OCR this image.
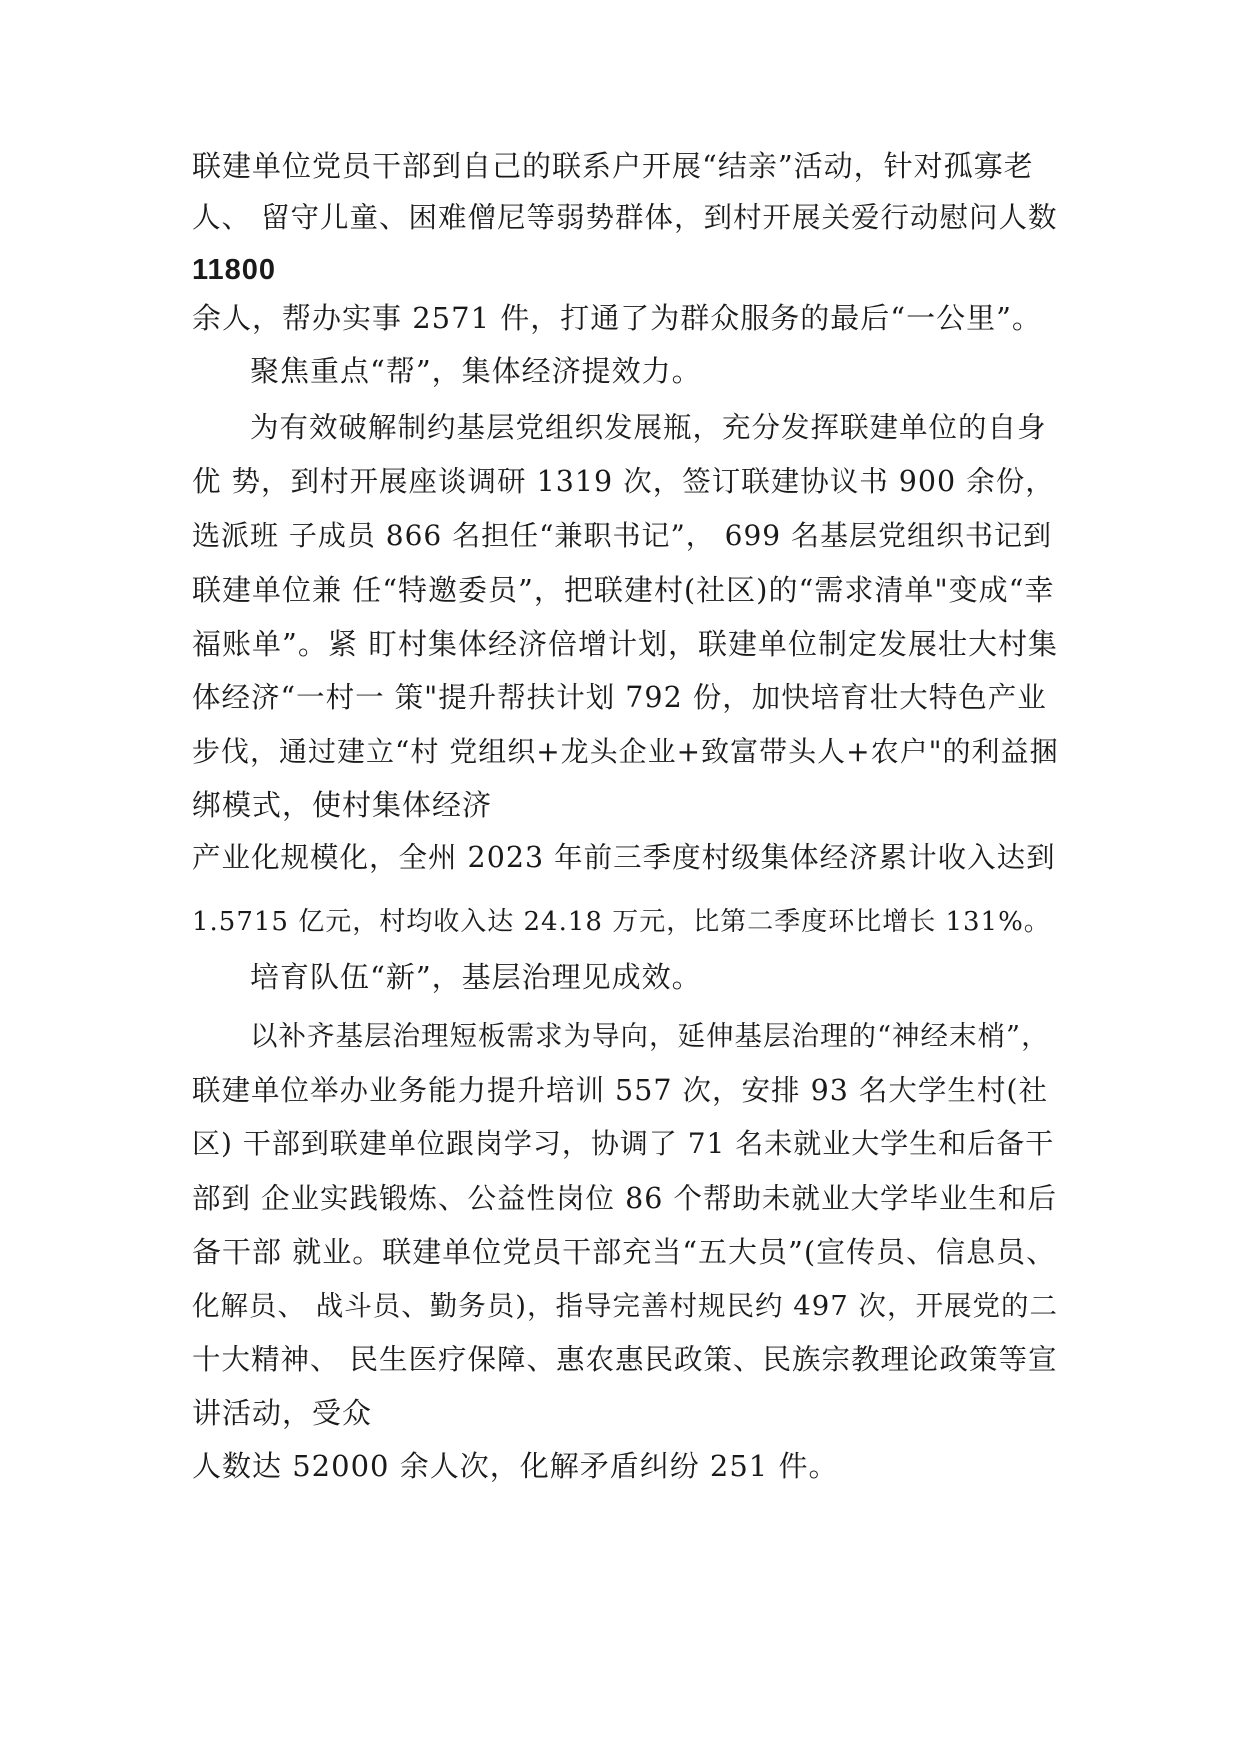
联建单位党员干部到自己的联系户开展“结亲”活动，针对孤寡老
人、 留守儿童、困难僧尼等弱势群体，到村开展关爱行动慰问人数
11800
余人，帮办实事 2571 件，打通了为群众服务的最后“一公里”。
聚焦重点“帮”，集体经济提效力。
为有效破解制约基层党组织发展瓶，充分发挥联建单位的自身
优 势，到村开展座谈调研 1319 次，签订联建协议书 900 余份，
选派班 子成员 866 名担任“兼职书记”， 699 名基层党组织书记到
联建单位兼 任“特邀委员”，把联建村(社区)的“需求清单"变成“幸
福账单”。紧 盯村集体经济倍增计划，联建单位制定发展壮大村集
体经济“一村一 策"提升帮扶计划 792 份，加快培育壮大特色产业
步伐，通过建立“村 党组织+龙头企业+致富带头人+农户"的利益捆
绑模式，使村集体经济
产业化规模化，全州 2023 年前三季度村级集体经济累计收入达到
1.5715 亿元，村均收入达 24.18 万元，比第二季度环比增长 131%。
培育队伍“新”，基层治理见成效。
以补齐基层治理短板需求为导向，延伸基层治理的“神经末梢”，
联建单位举办业务能力提升培训 557 次，安排 93 名大学生村(社
区) 干部到联建单位跟岗学习，协调了 71 名未就业大学生和后备干
部到 企业实践锻炼、公益性岗位 86 个帮助未就业大学毕业生和后
备干部 就业。联建单位党员干部充当“五大员”(宣传员、信息员、
化解员、 战斗员、勤务员)，指导完善村规民约 497 次，开展党的二
十大精神、 民生医疗保障、惠农惠民政策、民族宗教理论政策等宣
讲活动，受众
人数达 52000 余人次，化解矛盾纠纷 251 件。
